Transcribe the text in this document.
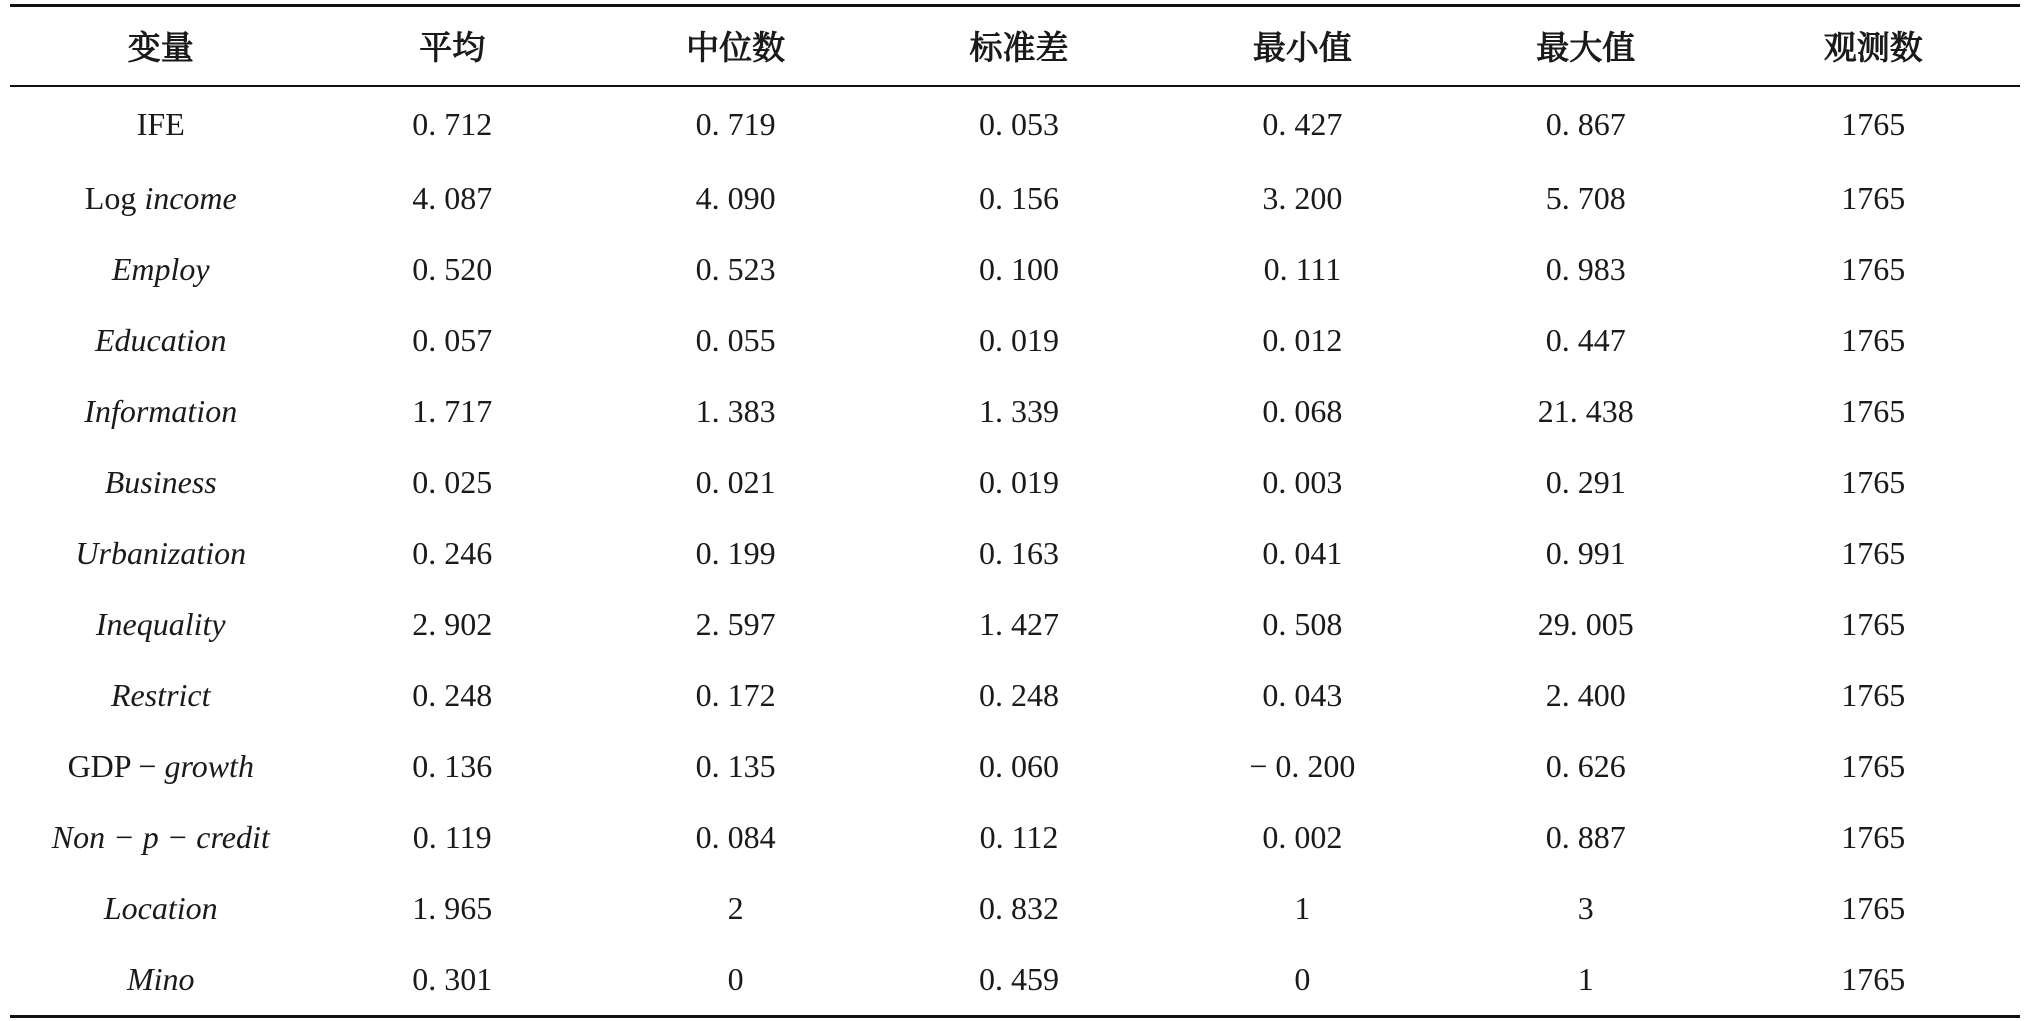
变量	平均	中位数	标准差	最小值	最大值	观测数
IFE	0. 712	0. 719	0. 053	0. 427	0. 867	1765
Log income	4. 087	4. 090	0. 156	3. 200	5. 708	1765
Employ	0. 520	0. 523	0. 100	0. 111	0. 983	1765
Education	0. 057	0. 055	0. 019	0. 012	0. 447	1765
Information	1. 717	1. 383	1. 339	0. 068	21. 438	1765
Business	0. 025	0. 021	0. 019	0. 003	0. 291	1765
Urbanization	0. 246	0. 199	0. 163	0. 041	0. 991	1765
Inequality	2. 902	2. 597	1. 427	0. 508	29. 005	1765
Restrict	0. 248	0. 172	0. 248	0. 043	2. 400	1765
GDP − growth	0. 136	0. 135	0. 060	− 0. 200	0. 626	1765
Non − p − credit	0. 119	0. 084	0. 112	0. 002	0. 887	1765
Location	1. 965	2	0. 832	1	3	1765
Mino	0. 301	0	0. 459	0	1	1765
